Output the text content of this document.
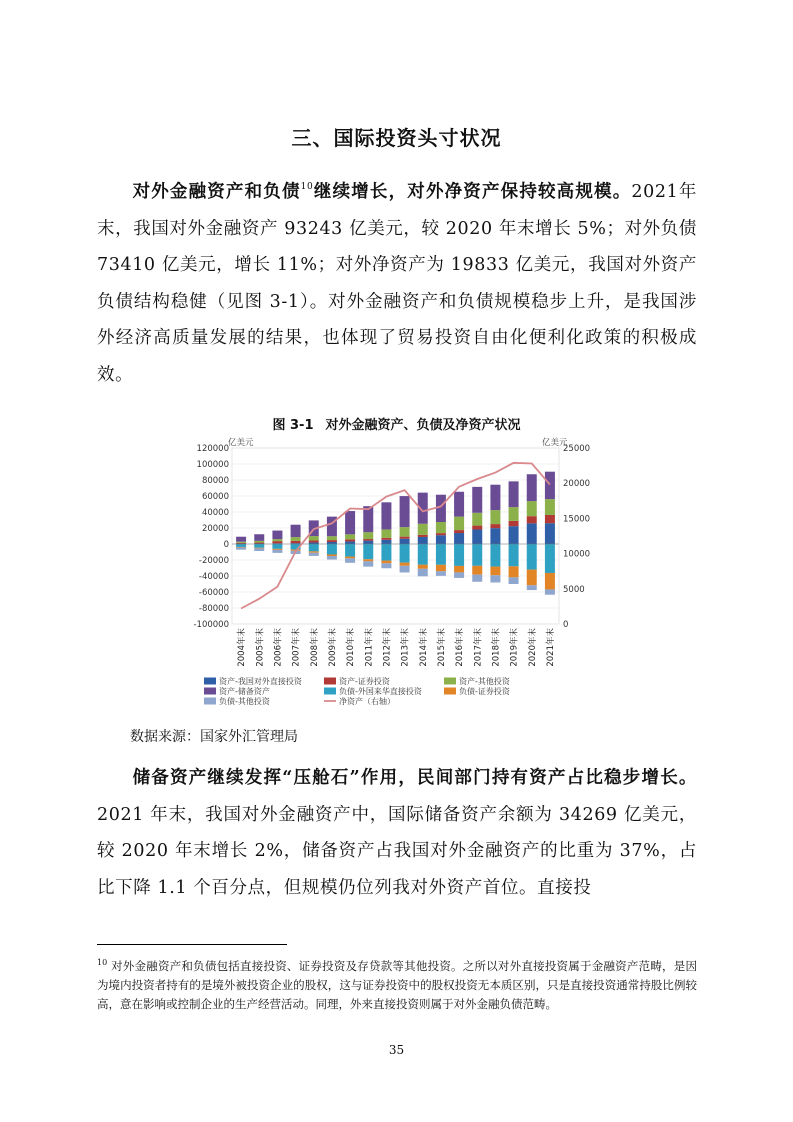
三、国际投资头寸状况
对外金融资产和负债$^{10}$继续增长，对外净资产保持较高规模。2021年末，我国对外金融资产 93243 亿美元，较 2020 年末增长 5%；对外负债 73410 亿美元，增长 11%；对外净资产为 19833 亿美元，我国对外资产负债结构稳健（见图 3-1）。对外金融资产和负债规模稳步上升，是我国涉外经济高质量发展的结果，也体现了贸易投资自由化便利化政策的积极成效。
图 3-1 对外金融资产、负债及净资产状况
亿美元	亿美元
120000
100000
80000
60000
40000
20000
0
-20000
-40000
-60000
-80000
-100000
25000
20000
15000
10000
5000
0
2004年末 2005年末 2006年末 2007年末 2008年末 2009年末 2010年末 2011年末 2012年末 2013年末 2014年末 2015年末 2016年末 2017年末 2018年末 2019年末 2020年末 2021年末
资产-我国对外直接投资	资产-证券投资	资产-其他投资
资产-储备资产	负债-外国来华直接投资	负债-证券投资
负债-其他投资	净资产（右轴）
数据来源：国家外汇管理局
储备资产继续发挥“压舱石”作用，民间部门持有资产占比稳步增长。2021 年末，我国对外金融资产中，国际储备资产余额为 34269 亿美元，较 2020 年末增长 2%，储备资产占我国对外金融资产的比重为 37%，占比下降 1.1 个百分点，但规模仍位列我对外资产首位。直接投
$^{10}$ 对外金融资产和负债包括直接投资、证券投资及存贷款等其他投资。之所以对外直接投资属于金融资产范畴，是因为境内投资者持有的是境外被投资企业的股权，这与证券投资中的股权投资无本质区别，只是直接投资通常持股比例较高，意在影响或控制企业的生产经营活动。同理，外来直接投资则属于对外金融负债范畴。
35
